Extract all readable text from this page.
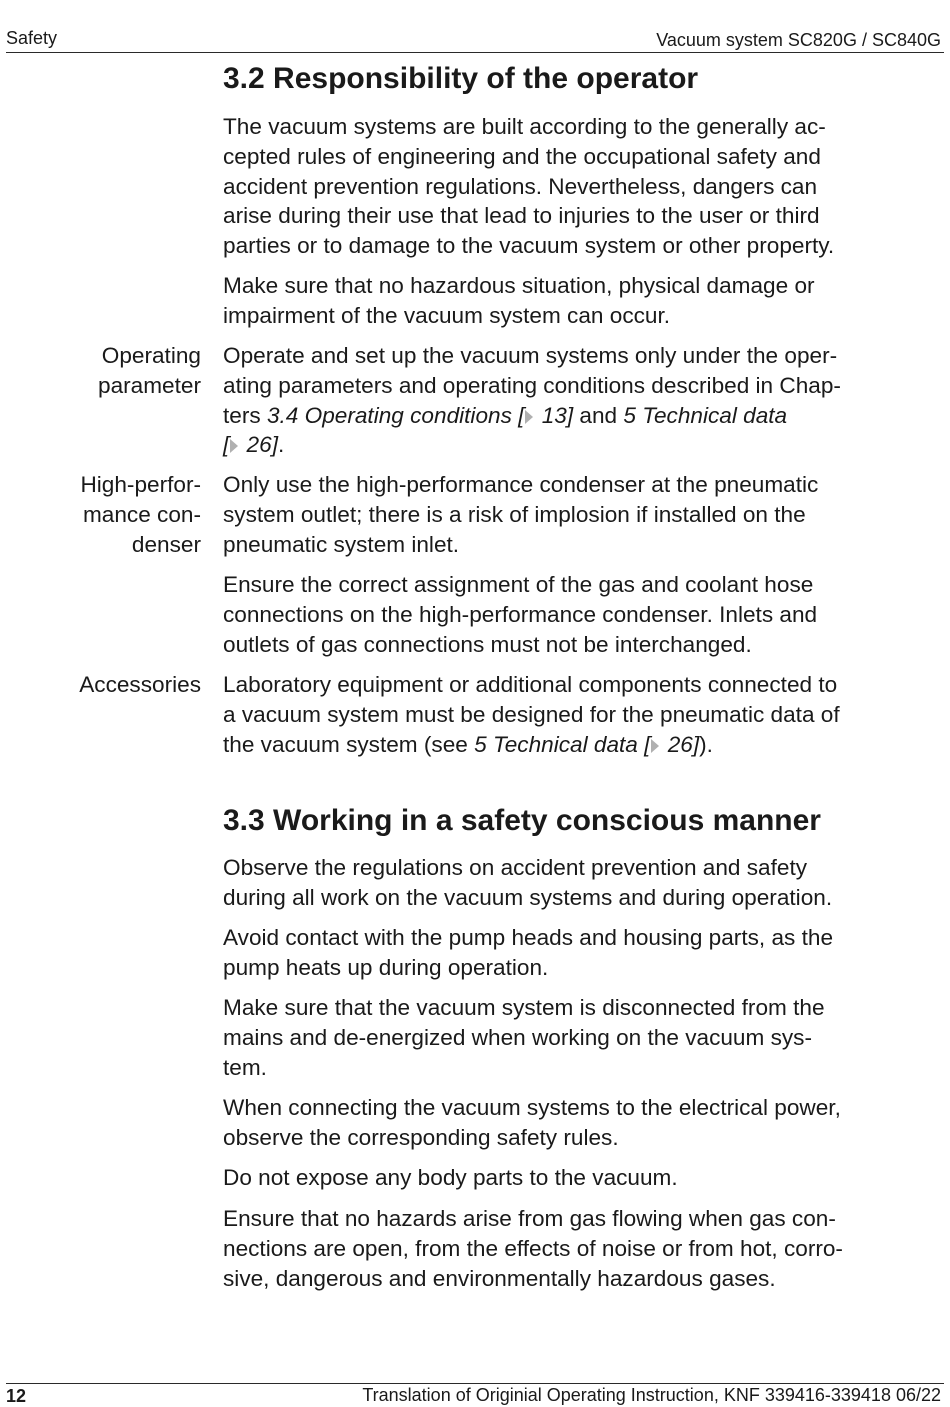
Safety	Vacuum system SC820G / SC840G
3.2 Responsibility of the operator
The vacuum systems are built according to the generally ac-
cepted rules of engineering and the occupational safety and
accident prevention regulations. Nevertheless, dangers can
arise during their use that lead to injuries to the user or third
parties or to damage to the vacuum system or other property.
Make sure that no hazardous situation, physical damage or
impairment of the vacuum system can occur.
Operating
parameter
Operate and set up the vacuum systems only under the oper-
ating parameters and operating conditions described in Chap-
ters 3.4 Operating conditions [ 13] and 5 Technical data
[ 26].
High-perfor-
mance con-
denser
Only use the high-performance condenser at the pneumatic
system outlet; there is a risk of implosion if installed on the
pneumatic system inlet.
Ensure the correct assignment of the gas and coolant hose
connections on the high-performance condenser. Inlets and
outlets of gas connections must not be interchanged.
Accessories Laboratory equipment or additional components connected to
a vacuum system must be designed for the pneumatic data of
the vacuum system (see 5 Technical data [ 26]).
3.3 Working in a safety conscious manner
Observe the regulations on accident prevention and safety
during all work on the vacuum systems and during operation.
Avoid contact with the pump heads and housing parts, as the
pump heats up during operation.
Make sure that the vacuum system is disconnected from the
mains and de-energized when working on the vacuum sys-
tem.
When connecting the vacuum systems to the electrical power,
observe the corresponding safety rules.
Do not expose any body parts to the vacuum.
Ensure that no hazards arise from gas flowing when gas con-
nections are open, from the effects of noise or from hot, corro-
sive, dangerous and environmentally hazardous gases.
12	Translation of Originial Operating Instruction, KNF 339416-339418 06/22
